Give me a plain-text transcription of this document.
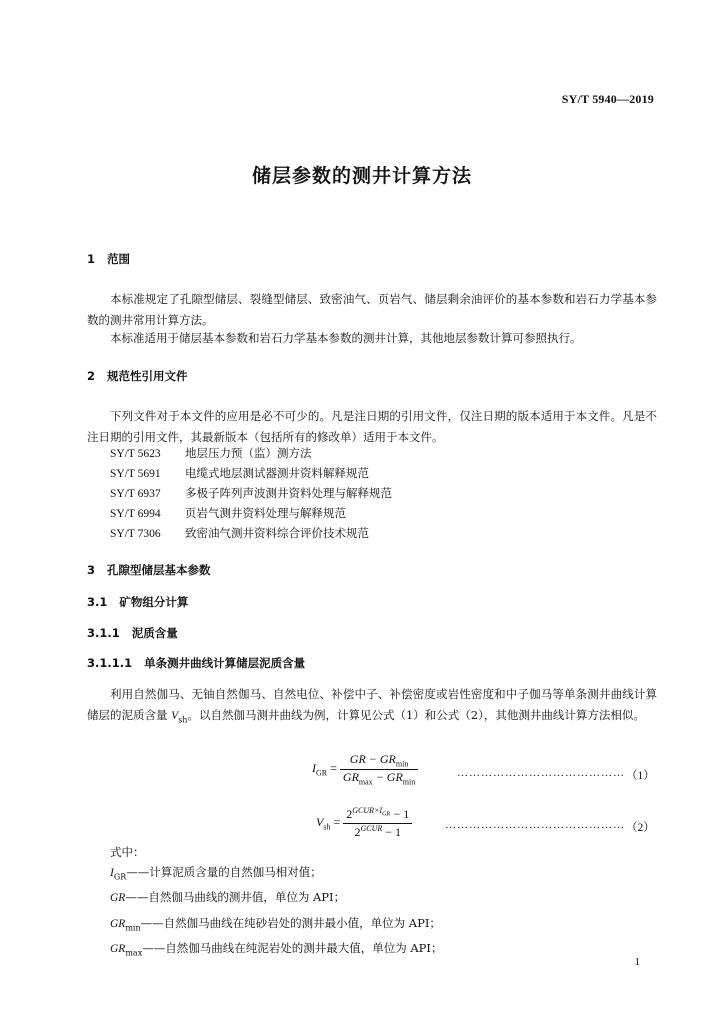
SY/T 5940—2019
储层参数的测井计算方法
1 范围
本标准规定了孔隙型储层、裂缝型储层、致密油气、页岩气、储层剩余油评价的基本参数和岩石力学基本参数的测井常用计算方法。
本标准适用于储层基本参数和岩石力学基本参数的测井计算，其他地层参数计算可参照执行。
2 规范性引用文件
下列文件对于本文件的应用是必不可少的。凡是注日期的引用文件，仅注日期的版本适用于本文件。凡是不注日期的引用文件，其最新版本（包括所有的修改单）适用于本文件。
SY/T 5623 地层压力预（监）测方法
SY/T 5691 电缆式地层测试器测井资料解释规范
SY/T 6937 多极子阵列声波测井资料处理与解释规范
SY/T 6994 页岩气测井资料处理与解释规范
SY/T 7306 致密油气测井资料综合评价技术规范
3 孔隙型储层基本参数
3.1 矿物组分计算
3.1.1 泥质含量
3.1.1.1 单条测井曲线计算储层泥质含量
利用自然伽马、无铀自然伽马、自然电位、补偿中子、补偿密度或岩性密度和中子伽马等单条测井曲线计算储层的泥质含量 $V_{sh}$。以自然伽马测井曲线为例，计算见公式（1）和公式（2），其他测井曲线计算方法相似。
$I_{GR} = \frac{GR - GR_{min}}{GR_{max} - GR_{min}}$	…………………………………… （1）
$V_{sh} = \frac{2^{GCUR\times I_{GR}} - 1}{2^{GCUR} - 1}$	……………………………………… （2）
式中：
$I_{GR}——$计算泥质含量的自然伽马相对值；
GR——自然伽马曲线的测井值，单位为 API；
$GR_{min}——$自然伽马曲线在纯砂岩处的测井最小值，单位为 API；
$GR_{max}——$自然伽马曲线在纯泥岩处的测井最大值，单位为 API；
1
